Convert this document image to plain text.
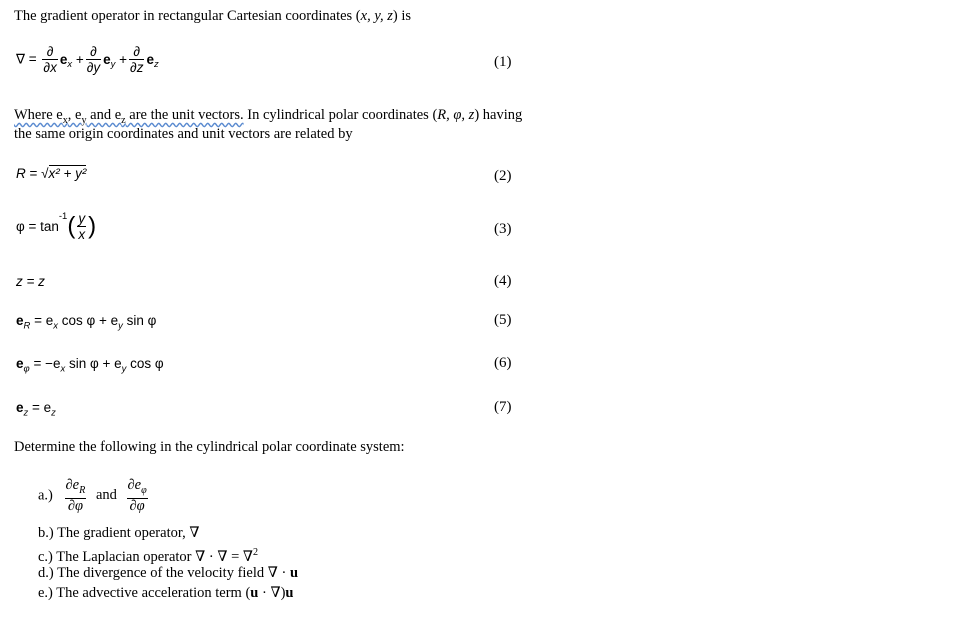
The gradient operator in rectangular Cartesian coordinates (x, y, z) is
∇ = $\frac{\partial}{\partial x} e_x + \frac{\partial}{\partial y} e_y + \frac{\partial}{\partial z} e_z$	(1)
Where $e_x$, $e_y$ and $e_z$ are the unit vectors. In cylindrical polar coordinates (R, φ, z) having
the same origin coordinates and unit vectors are related by
R = √x² + y²	(2)
$\varphi = \tan^{-1}( \frac{y}{x}$ )	(3)
z = z	(4)
$e_R = e_x$ $\cos \varphi + e_y$ sin φ	(5)
$e_\varphi = -e_x$ $\sin \varphi + e_y$ cos φ	(6)
$e_z = e_z$	(7)
Determine the following in the cylindrical polar coordinate system:
$a.) \frac{\partial e_R}{\partial\varphi}$ and $\frac{\partial e_\varphi}{\partial\varphi}$
b.) The gradient operator, ∇
c.) The Laplacian operator ∇ · ∇ = ∇$^2$
d.) The divergence of the velocity field ∇ · u
e.) The advective acceleration term (u · ∇)u
